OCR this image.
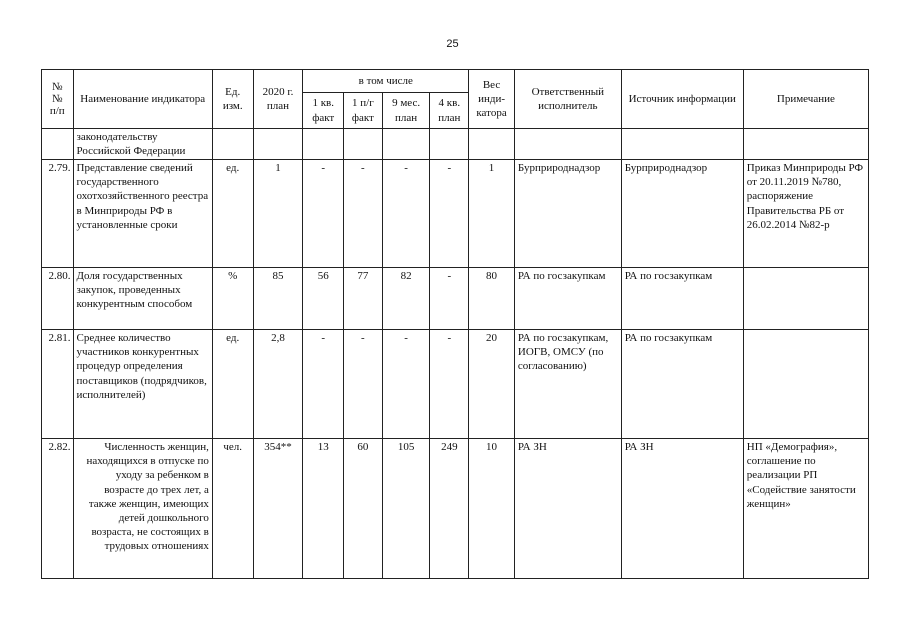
25
№
№
п/п	Наименование индикатора	Ед. изм.	2020 г. план	в том числе				Вес инди-катора	Ответственный исполнитель	Источник информации	Примечание
				1 кв. факт	1 п/г факт	9 мес. план	4 кв. план				
	законодательству Российской Федерации										
2.79.	Представление сведений государственного охотхозяйственного реестра в Минприроды РФ в установленные сроки	ед.	1	-	-	-	-	1	Бурприроднадзор	Бурприроднадзор	Приказ Минприроды РФ от 20.11.2019 №780, распоряжение Правительства РБ от 26.02.2014 №82-р
2.80.	Доля государственных закупок, проведенных конкурентным способом	%	85	56	77	82	-	80	РА по госзакупкам	РА по госзакупкам	
2.81.	Среднее количество участников конкурентных процедур определения поставщиков (подрядчиков, исполнителей)	ед.	2,8	-	-	-	-	20	РА по госзакупкам, ИОГВ, ОМСУ (по согласованию)	РА по госзакупкам	
2.82.	Численность женщин, находящихся в отпуске по уходу за ребенком в возрасте до трех лет, а также женщин, имеющих детей дошкольного возраста, не состоящих в трудовых отношениях	чел.	354**	13	60	105	249	10	РА ЗН	РА ЗН	НП «Демография», соглашение по реализации РП «Содействие занятости женщин»
